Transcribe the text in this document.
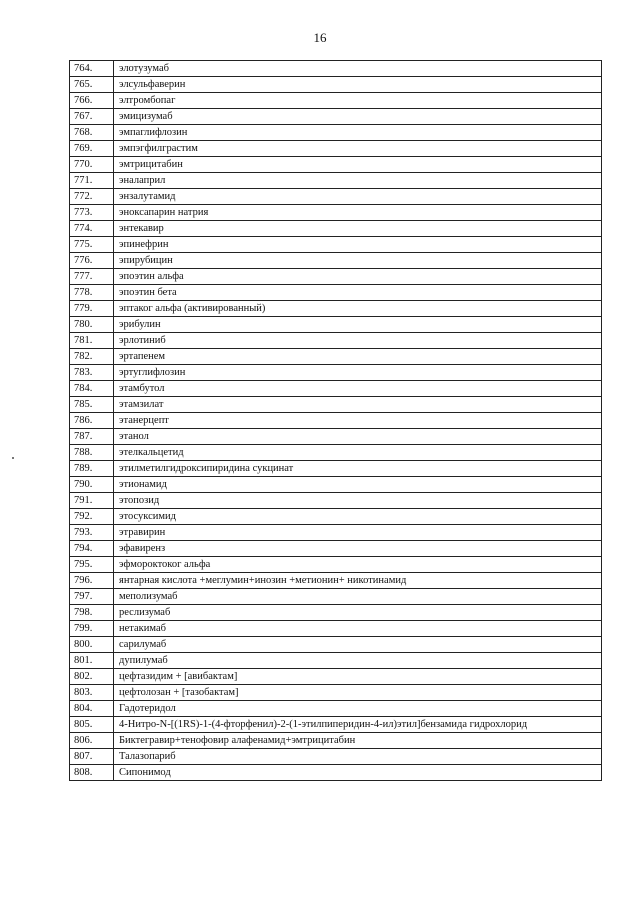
16
764.	элотузумаб
765.	элсульфаверин
766.	элтромбопаг
767.	эмицизумаб
768.	эмпаглифлозин
769.	эмпэгфилграстим
770.	эмтрицитабин
771.	эналаприл
772.	энзалутамид
773.	эноксапарин натрия
774.	энтекавир
775.	эпинефрин
776.	эпирубицин
777.	эпоэтин альфа
778.	эпоэтин бета
779.	эптаког альфа (активированный)
780.	эрибулин
781.	эрлотиниб
782.	эртапенем
783.	эртуглифлозин
784.	этамбутол
785.	этамзилат
786.	этанерцепт
787.	этанол
788.	этелкальцетид
789.	этилметилгидроксипиридина сукцинат
790.	этионамид
791.	этопозид
792.	этосуксимид
793.	этравирин
794.	эфавиренз
795.	эфмороктоког альфа
796.	янтарная кислота +меглумин+инозин +метионин+ никотинамид
797.	меполизумаб
798.	реслизумаб
799.	нетакимаб
800.	сарилумаб
801.	дупилумаб
802.	цефтазидим + [авибактам]
803.	цефтолозан + [тазобактам]
804.	Гадотеридол
805.	4-Нитро-N-[(1RS)-1-(4-фторфенил)-2-(1-этилпиперидин-4-ил)этил]бензамида гидрохлорид
806.	Биктегравир+тенофовир алафенамид+эмтрицитабин
807.	Талазопариб
808.	Сипонимод
